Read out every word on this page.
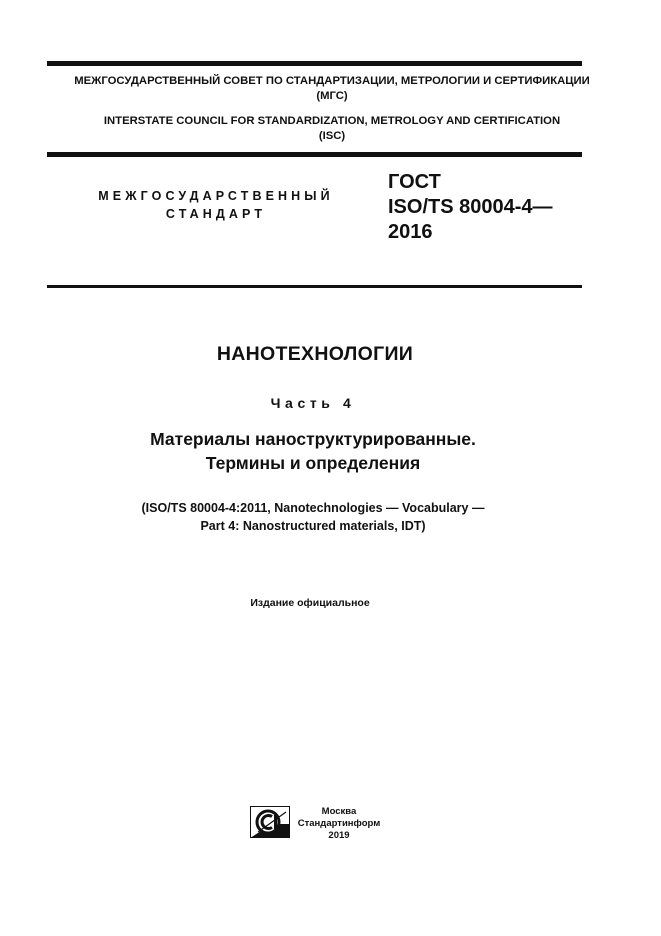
МЕЖГОСУДАРСТВЕННЫЙ СОВЕТ ПО СТАНДАРТИЗАЦИИ, МЕТРОЛОГИИ И СЕРТИФИКАЦИИ
(МГС)
INTERSTATE COUNCIL FOR STANDARDIZATION, METROLOGY AND CERTIFICATION
(ISC)
МЕЖГОСУДАРСТВЕННЫЙ
СТАНДАРТ
ГОСТ
ISO/TS 80004-4—
2016
НАНОТЕХНОЛОГИИ
Часть 4
Материалы наноструктурированные.
Термины и определения
(ISO/TS 80004-4:2011, Nanotechnologies — Vocabulary —
Part 4: Nanostructured materials, IDT)
Издание официальное
Москва
Стандартинформ
2019
